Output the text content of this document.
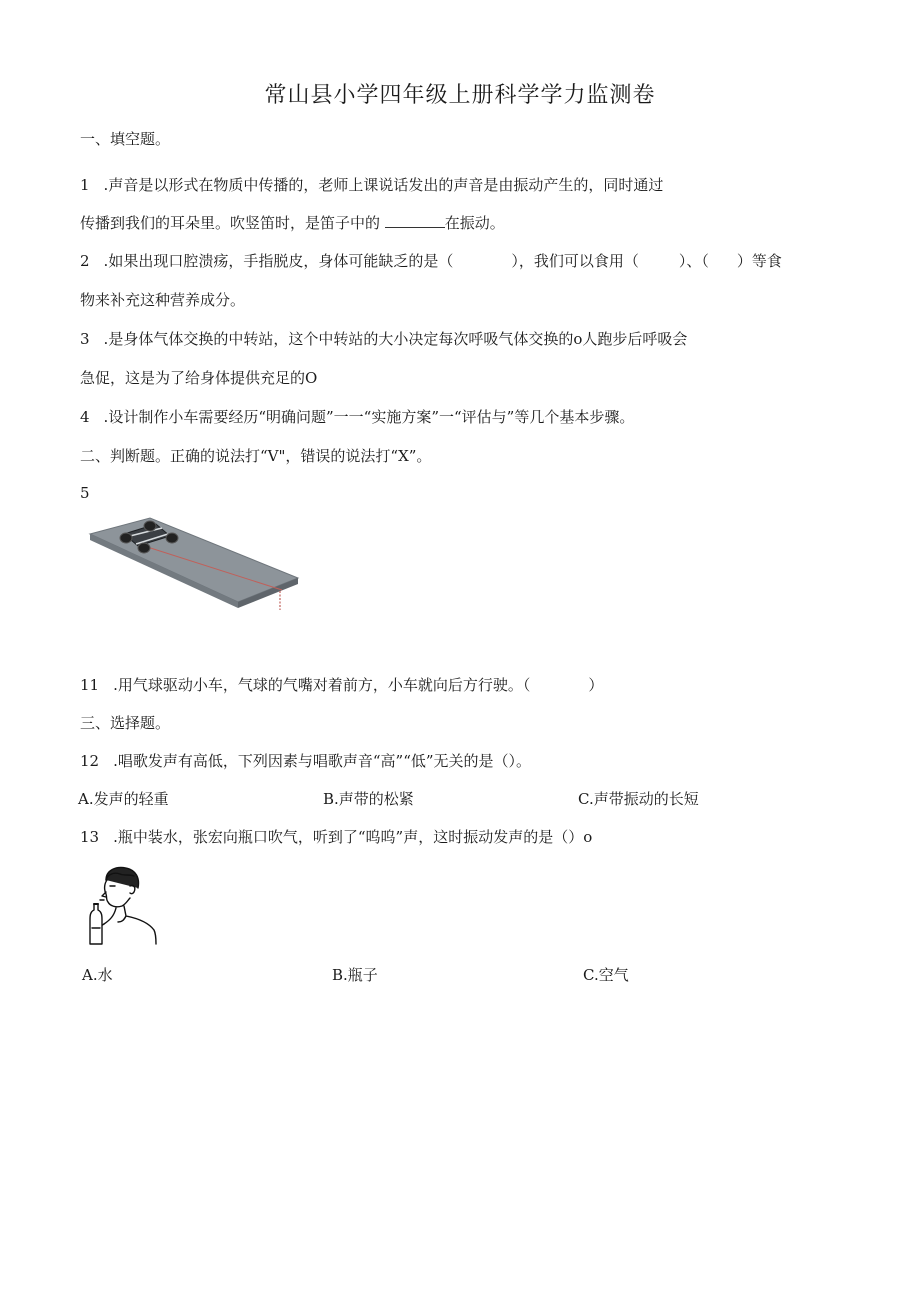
常山县小学四年级上册科学学力监测卷
一、填空题。
1 .声音是以形式在物质中传播的，老师上课说话发出的声音是由振动产生的，同时通过
传播到我们的耳朵里。吹竖笛时，是笛子中的	在振动。
2 .如果出现口腔溃疡，手指脱皮，身体可能缺乏的是（	），我们可以食用（	）、（ ）等食
物来补充这种营养成分。
3 .是身体气体交换的中转站，这个中转站的大小决定每次呼吸气体交换的o人跑步后呼吸会
急促，这是为了给身体提供充足的O
4 .设计制作小车需要经历“明确问题”一一“实施方案”一“评估与”等几个基本步骤。
二、判断题。正确的说法打“V"，错误的说法打“X”。
5
11 .用气球驱动小车，气球的气嘴对着前方，小车就向后方行驶。（	）
三、选择题。
12 .唱歌发声有高低，下列因素与唱歌声音“高”“低”无关的是（）。
A.发声的轻重	B.声带的松紧	C.声带振动的长短
13 .瓶中装水，张宏向瓶口吹气，听到了“呜呜”声，这时振动发声的是（）o
A.水	B.瓶子	C.空气
